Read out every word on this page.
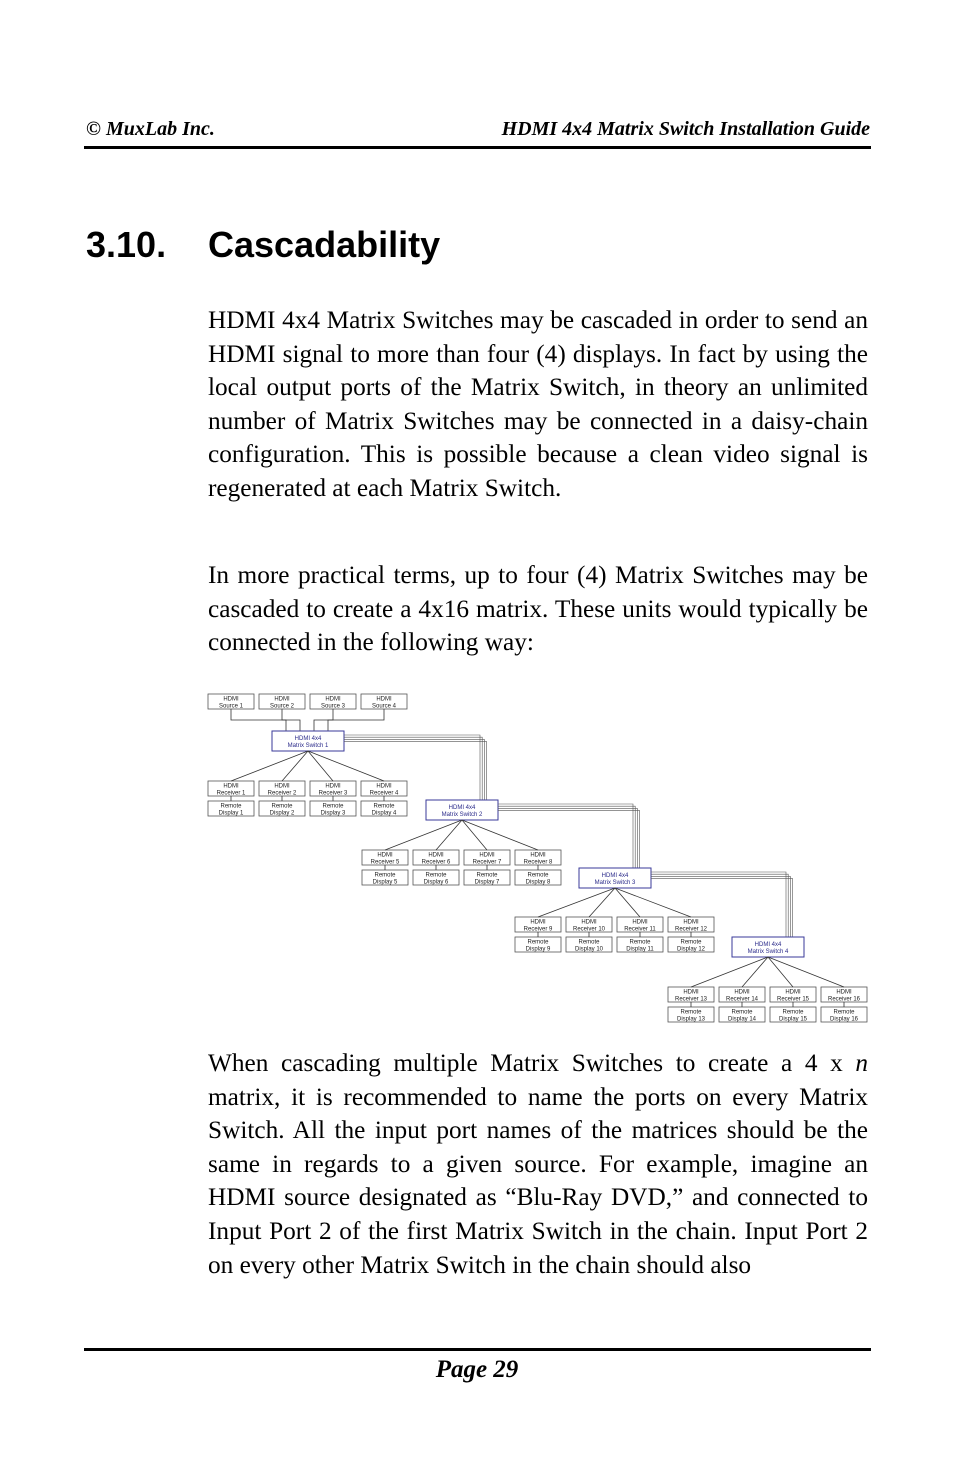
© MuxLab Inc.	HDMI 4x4 Matrix Switch Installation Guide
3.10. Cascadability

HDMI 4x4 Matrix Switches may be cascaded in order to send an HDMI signal to more than four (4) displays. In fact by using the local output ports of the Matrix Switch, in theory an unlimited number of Matrix Switches may be connected in a daisy-chain configuration. This is possible because a clean video signal is regenerated at each Matrix Switch.

In more practical terms, up to four (4) Matrix Switches may be cascaded to create a 4x16 matrix. These units would typically be connected in the following way:

HDMI
Source 1
HDMI
Source 2
HDMI
Source 3
HDMI
Source 4
HDMI 4x4
Matrix Switch 1
HDMI
Receiver 1
Remote
Display 1
HDMI
Receiver 2
Remote
Display 2
HDMI
Receiver 3
Remote
Display 3
HDMI
Receiver 4
Remote
Display 4
HDMI 4x4
Matrix Switch 2
HDMI
Receiver 5
Remote
Display 5
HDMI
Receiver 6
Remote
Display 6
HDMI
Receiver 7
Remote
Display 7
HDMI
Receiver 8
Remote
Display 8
HDMI 4x4
Matrix Switch 3
HDMI
Receiver 9
Remote
Display 9
HDMI
Receiver 10
Remote
Display 10
HDMI
Receiver 11
Remote
Display 11
HDMI
Receiver 12
Remote
Display 12
HDMI 4x4
Matrix Switch 4
HDMI
Receiver 13
Remote
Display 13
HDMI
Receiver 14
Remote
Display 14
HDMI
Receiver 15
Remote
Display 15
HDMI
Receiver 16
Remote
Display 16

When cascading multiple Matrix Switches to create a 4 x n matrix, it is recommended to name the ports on every Matrix Switch. All the input port names of the matrices should be the same in regards to a given source. For example, imagine an HDMI source designated as “Blu-Ray DVD,” and connected to Input Port 2 of the first Matrix Switch in the chain. Input Port 2 on every other Matrix Switch in the chain should also

Page 29
